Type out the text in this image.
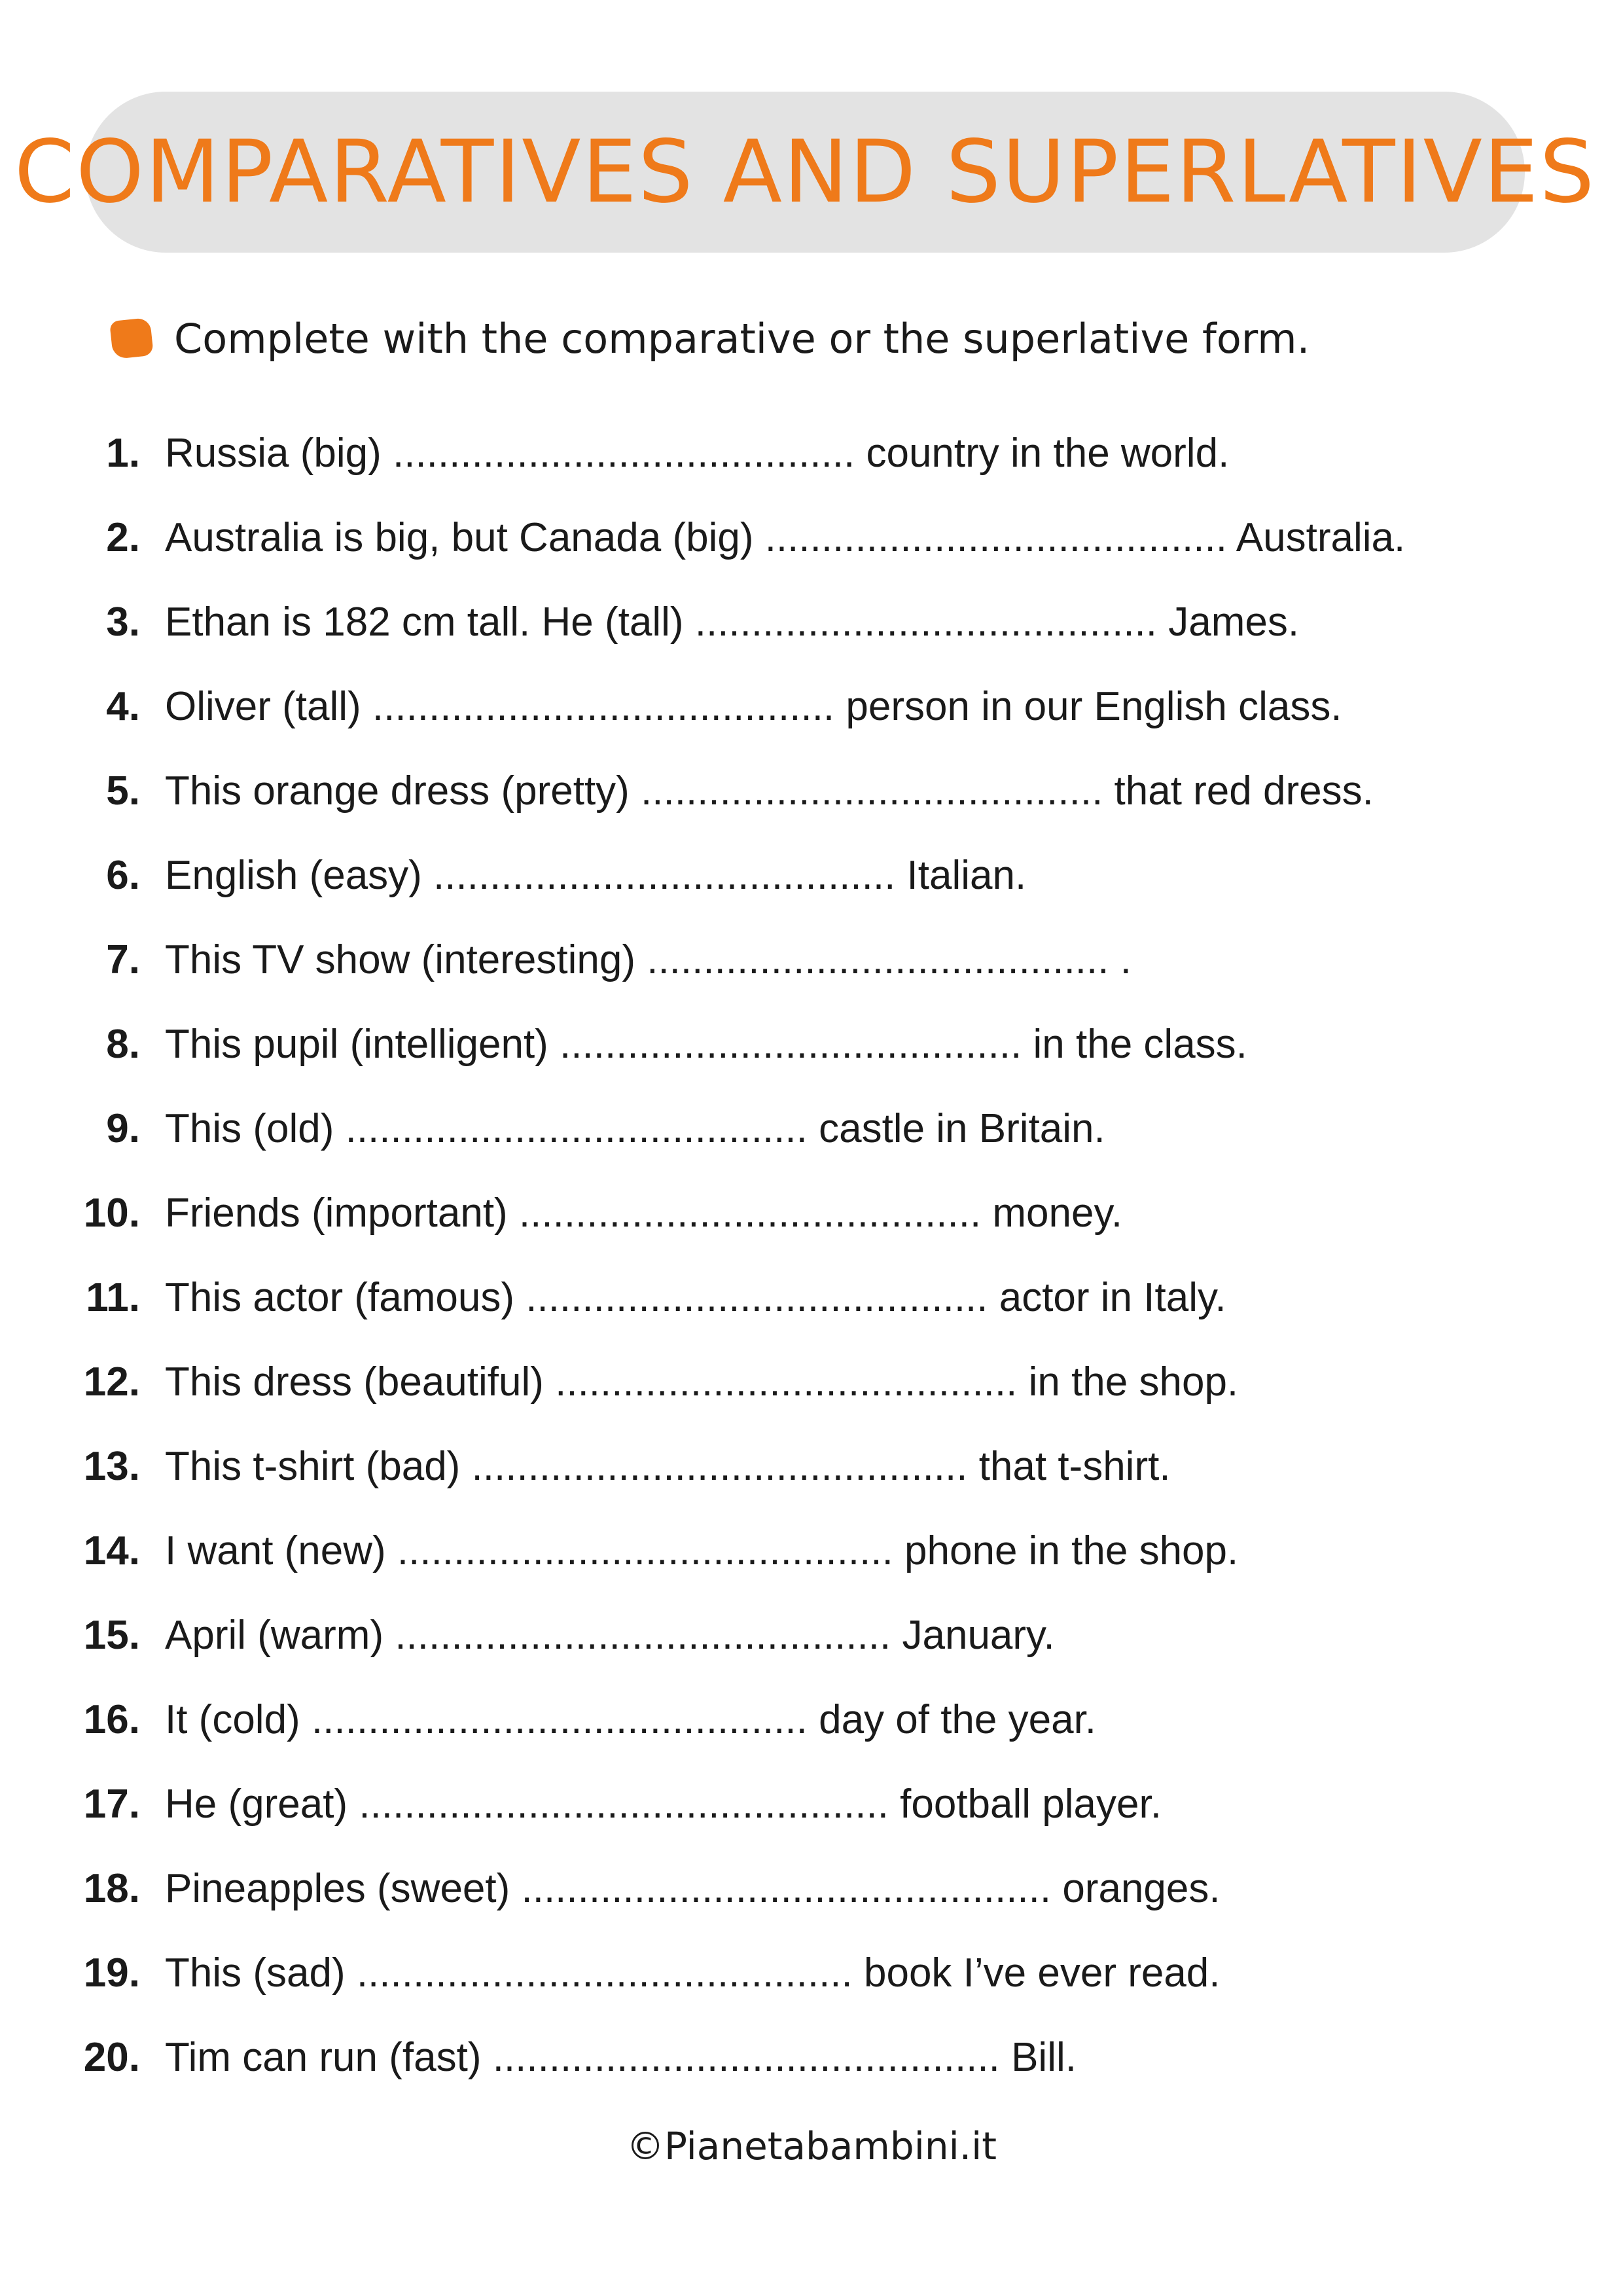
COMPARATIVES AND SUPERLATIVES
Complete with the comparative or the superlative form.
1. Russia (big) ......................................... country in the world.
2. Australia is big, but Canada (big) ......................................... Australia.
3. Ethan is 182 cm tall. He (tall) ......................................... James.
4. Oliver (tall) ......................................... person in our English class.
5. This orange dress (pretty) ......................................... that red dress.
6. English (easy) ......................................... Italian.
7. This TV show (interesting) ......................................... .
8. This pupil (intelligent) ......................................... in the class.
9. This (old) ......................................... castle in Britain.
10. Friends (important) ......................................... money.
11. This actor (famous) ......................................... actor in Italy.
12. This dress (beautiful) ......................................... in the shop.
13. This t-shirt (bad) ............................................ that t-shirt.
14. I want (new) ............................................ phone in the shop.
15. April (warm) ............................................ January.
16. It (cold) ............................................ day of the year.
17. He (great) ............................................... football player.
18. Pineapples (sweet) ............................................... oranges.
19. This (sad) ............................................ book I’ve ever read.
20. Tim can run (fast) ............................................. Bill.
©Pianetabambini.it
